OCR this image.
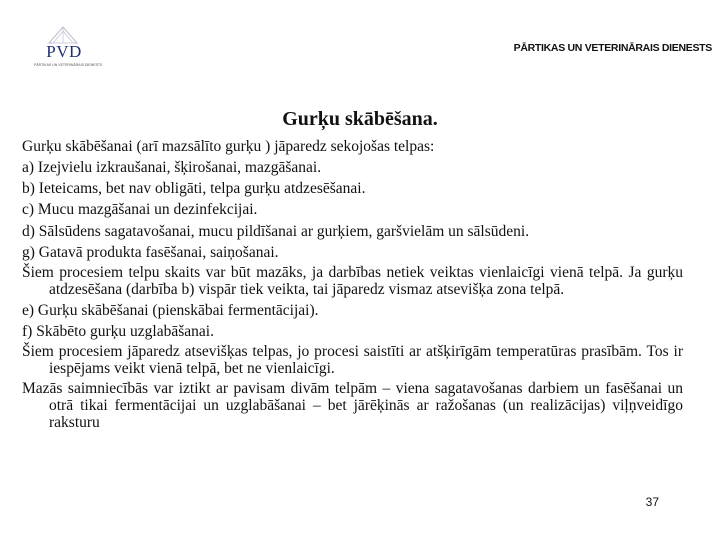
PVD
PĀRTIKAS UN VETERINĀRAIS DIENESTS
PĀRTIKAS UN VETERINĀRAIS DIENESTS
Gurķu skābēšana.

Gurķu skābēšanai (arī mazsālīto gurķu ) jāparedz sekojošas telpas:

a) Izejvielu izkraušanai, šķirošanai, mazgāšanai.

b) Ieteicams, bet nav obligāti, telpa gurķu atdzesēšanai.

c) Mucu mazgāšanai un dezinfekcijai.

d) Sālsūdens sagatavošanai, mucu pildīšanai ar gurķiem, garšvielām un sālsūdeni.

g) Gatavā produkta fasēšanai, saiņošanai.

Šiem procesiem telpu skaits var būt mazāks, ja darbības netiek veiktas vienlaicīgi vienā telpā. Ja gurķu atdzesēšana (darbība b) vispār tiek veikta, tai jāparedz vismaz atsevišķa zona telpā.

e) Gurķu skābēšanai (pienskābai fermentācijai).

f) Skābēto gurķu uzglabāšanai.

Šiem procesiem jāparedz atsevišķas telpas, jo procesi saistīti ar atšķirīgām temperatūras prasībām. Tos ir iespējams veikt vienā telpā, bet ne vienlaicīgi.

Mazās saimniecībās var iztikt ar pavisam divām telpām – viena sagatavošanas darbiem un fasēšanai un otrā tikai fermentācijai un uzglabāšanai – bet jārēķinās ar ražošanas (un realizācijas) viļņveidīgo raksturu

37
